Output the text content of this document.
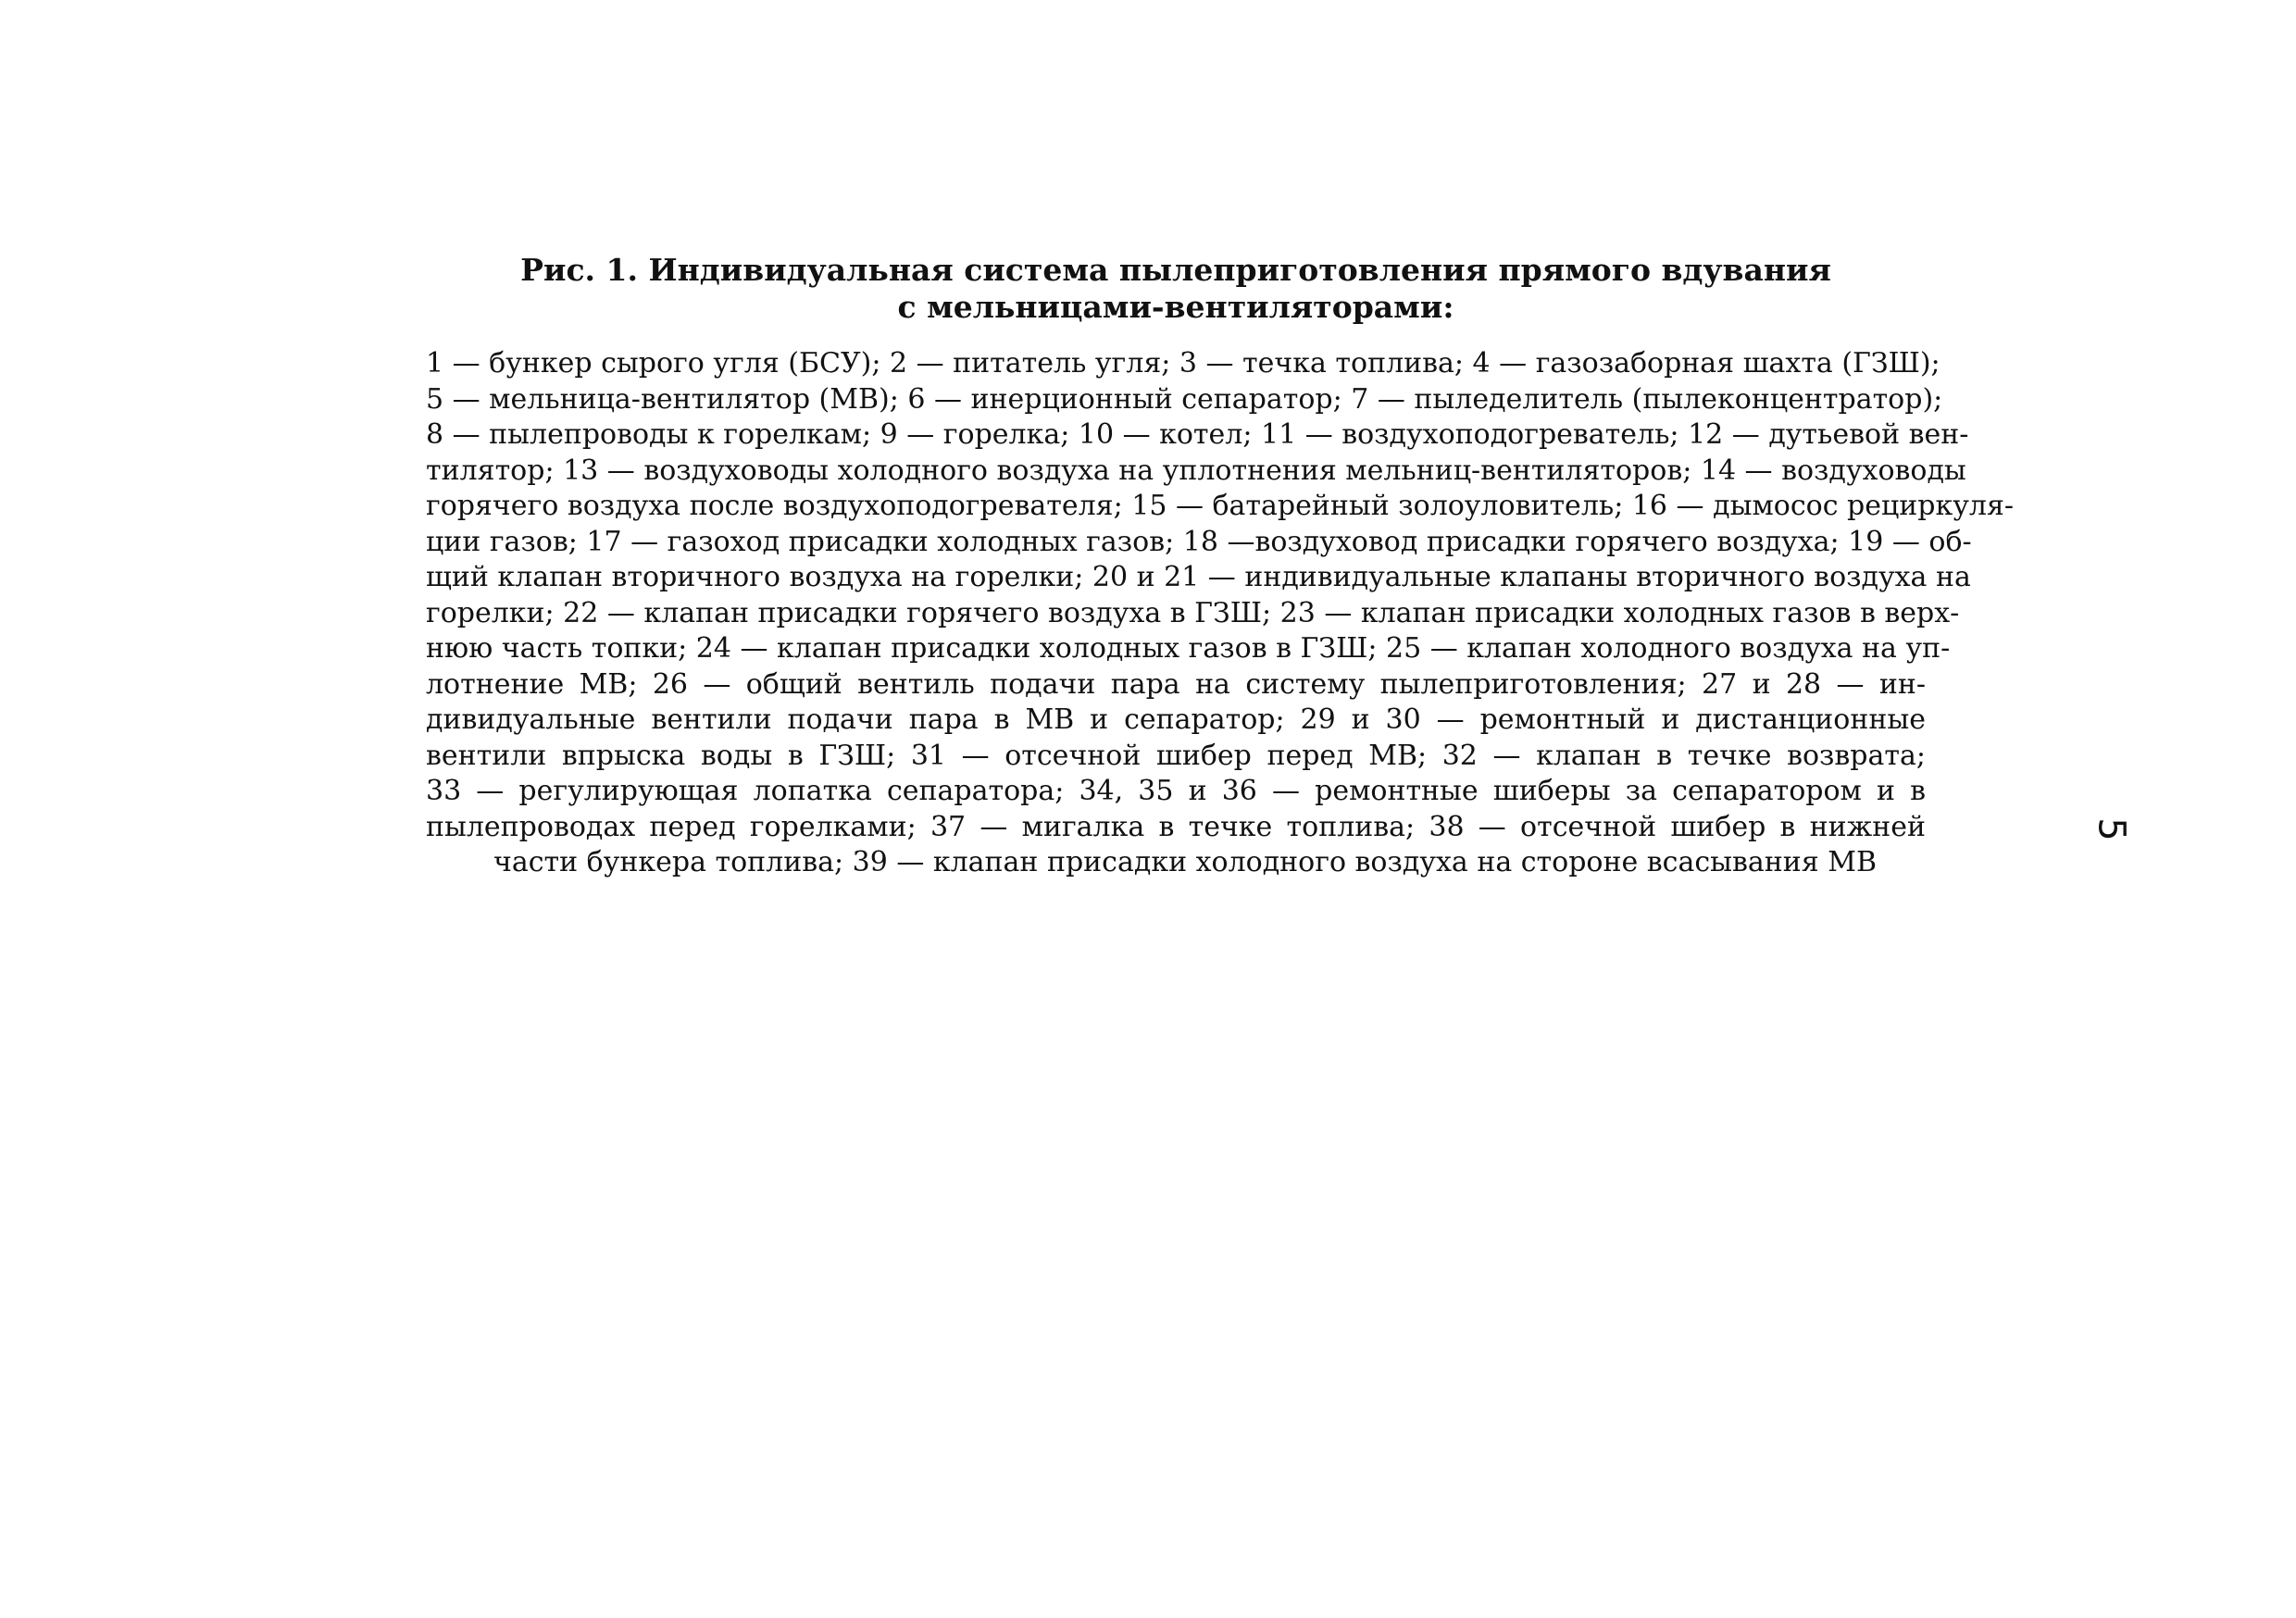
Рис. 1. Индивидуальная система пылеприготовления прямого вдувания
с мельницами-вентиляторами:
1 — бункер сырого угля (БСУ); 2 — питатель угля; 3 — течка топлива; 4 — газозаборная шахта (ГЗШ);
5 — мельница-вентилятор (МВ); 6 — инерционный сепаратор; 7 — пыледелитель (пылеконцентратор);
8 — пылепроводы к горелкам; 9 — горелка; 10 — котел; 11 — воздухоподогреватель; 12 — дутьевой вен-
тилятор; 13 — воздуховоды холодного воздуха на уплотнения мельниц-вентиляторов; 14 — воздуховоды
горячего воздуха после воздухоподогревателя; 15 — батарейный золоуловитель; 16 — дымосос рециркуля-
ции газов; 17 — газоход присадки холодных газов; 18 —воздуховод присадки горячего воздуха; 19 — об-
щий клапан вторичного воздуха на горелки; 20 и 21 — индивидуальные клапаны вторичного воздуха на
горелки; 22 — клапан присадки горячего воздуха в ГЗШ; 23 — клапан присадки холодных газов в верх-
нюю часть топки; 24 — клапан присадки холодных газов в ГЗШ; 25 — клапан холодного воздуха на уп-
лотнение МВ; 26 — общий вентиль подачи пара на систему пылеприготовления; 27 и 28 — ин-
дивидуальные вентили подачи пара в МВ и сепаратор; 29 и 30 — ремонтный и дистанционные
вентили впрыска воды в ГЗШ; 31 — отсечной шибер перед МВ; 32 — клапан в течке возврата;
33 — регулирующая лопатка сепаратора; 34, 35 и 36 — ремонтные шиберы за сепаратором и в
пылепроводах перед горелками; 37 — мигалка в течке топлива; 38 — отсечной шибер в нижней
части бункера топлива; 39 — клапан присадки холодного воздуха на стороне всасывания МВ
5
